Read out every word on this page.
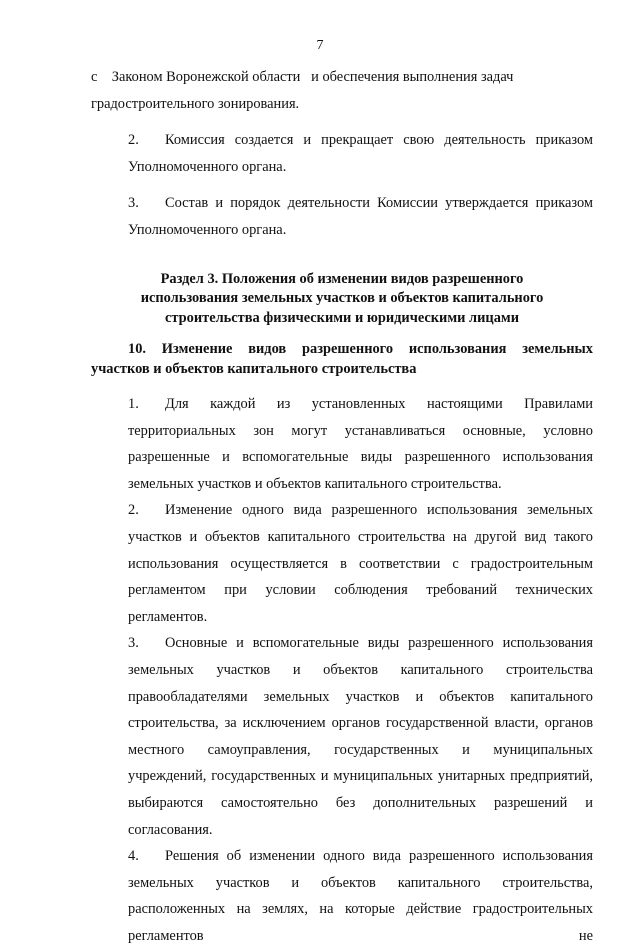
7

с    Законом Воронежской области   и обеспечения выполнения задач

градостроительного зонирования.

2. Комиссия создается и прекращает свою деятельность приказом Уполномоченного органа.

3. Состав и порядок деятельности Комиссии утверждается приказом Уполномоченного органа.

Раздел 3. Положения об изменении видов разрешенного использования земельных участков и объектов капитального строительства физическими и юридическими лицами

10. Изменение видов разрешенного использования земельных

участков и объектов капитального строительства

1. Для каждой из установленных настоящими Правилами территориальных зон могут устанавливаться основные, условно разрешенные и вспомогательные виды разрешенного использования земельных участков и объектов капитального строительства.

2. Изменение одного вида разрешенного использования земельных участков и объектов капитального строительства на другой вид такого использования осуществляется в соответствии с градостроительным регламентом при условии соблюдения требований технических регламентов.

3. Основные и вспомогательные виды разрешенного использования земельных участков и объектов капитального строительства правообладателями земельных участков и объектов капитального строительства, за исключением органов государственной власти, органов местного самоуправления, государственных и муниципальных учреждений, государственных и муниципальных унитарных предприятий, выбираются самостоятельно без дополнительных разрешений и согласования.

4. Решения об изменении одного вида разрешенного использования земельных участков и объектов капитального строительства, расположенных на землях, на которые действие градостроительных регламентов не
